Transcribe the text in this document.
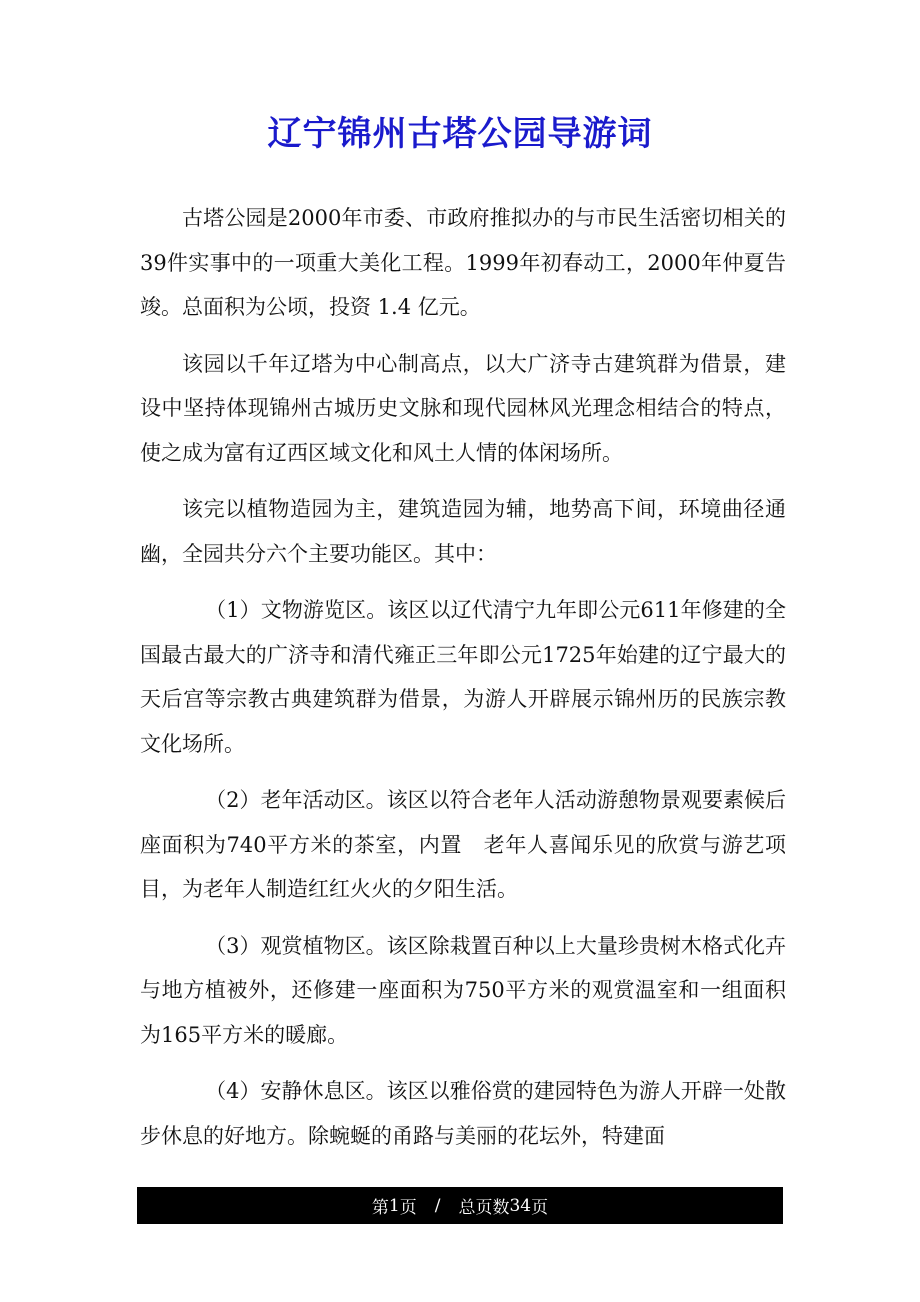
辽宁锦州古塔公园导游词

古塔公园是2000年市委、市政府推拟办的与市民生活密切相关的39件实事中的一项重大美化工程。1999年初春动工，2000年仲夏告竣。总面积为公顷，投资 1.4 亿元。

该园以千年辽塔为中心制高点，以大广济寺古建筑群为借景，建设中坚持体现锦州古城历史文脉和现代园林风光理念相结合的特点，使之成为富有辽西区域文化和风土人情的体闲场所。

该完以植物造园为主，建筑造园为辅，地势高下间，环境曲径通幽，全园共分六个主要功能区。其中：

（1）文物游览区。该区以辽代清宁九年即公元611年修建的全国最古最大的广济寺和清代雍正三年即公元1725年始建的辽宁最大的天后宫等宗教古典建筑群为借景，为游人开辟展示锦州历的民族宗教　文化场所。

（2）老年活动区。该区以符合老年人活动游憩物景观要素候后座面积为740平方米的茶室，内置　老年人喜闻乐见的欣赏与游艺项目，为老年人制造红红火火的夕阳生活。

（3）观赏植物区。该区除栽置百种以上大量珍贵树木格式化卉与地方植被外，还修建一座面积为750平方米的观赏温室和一组面积为165平方米的暖廊。

（4）安静休息区。该区以雅俗赏的建园特色为游人开辟一处散步休息的好地方。除蜿蜒的甬路与美丽的花坛外，特建面

第 1 页 / 总页数 34 页
